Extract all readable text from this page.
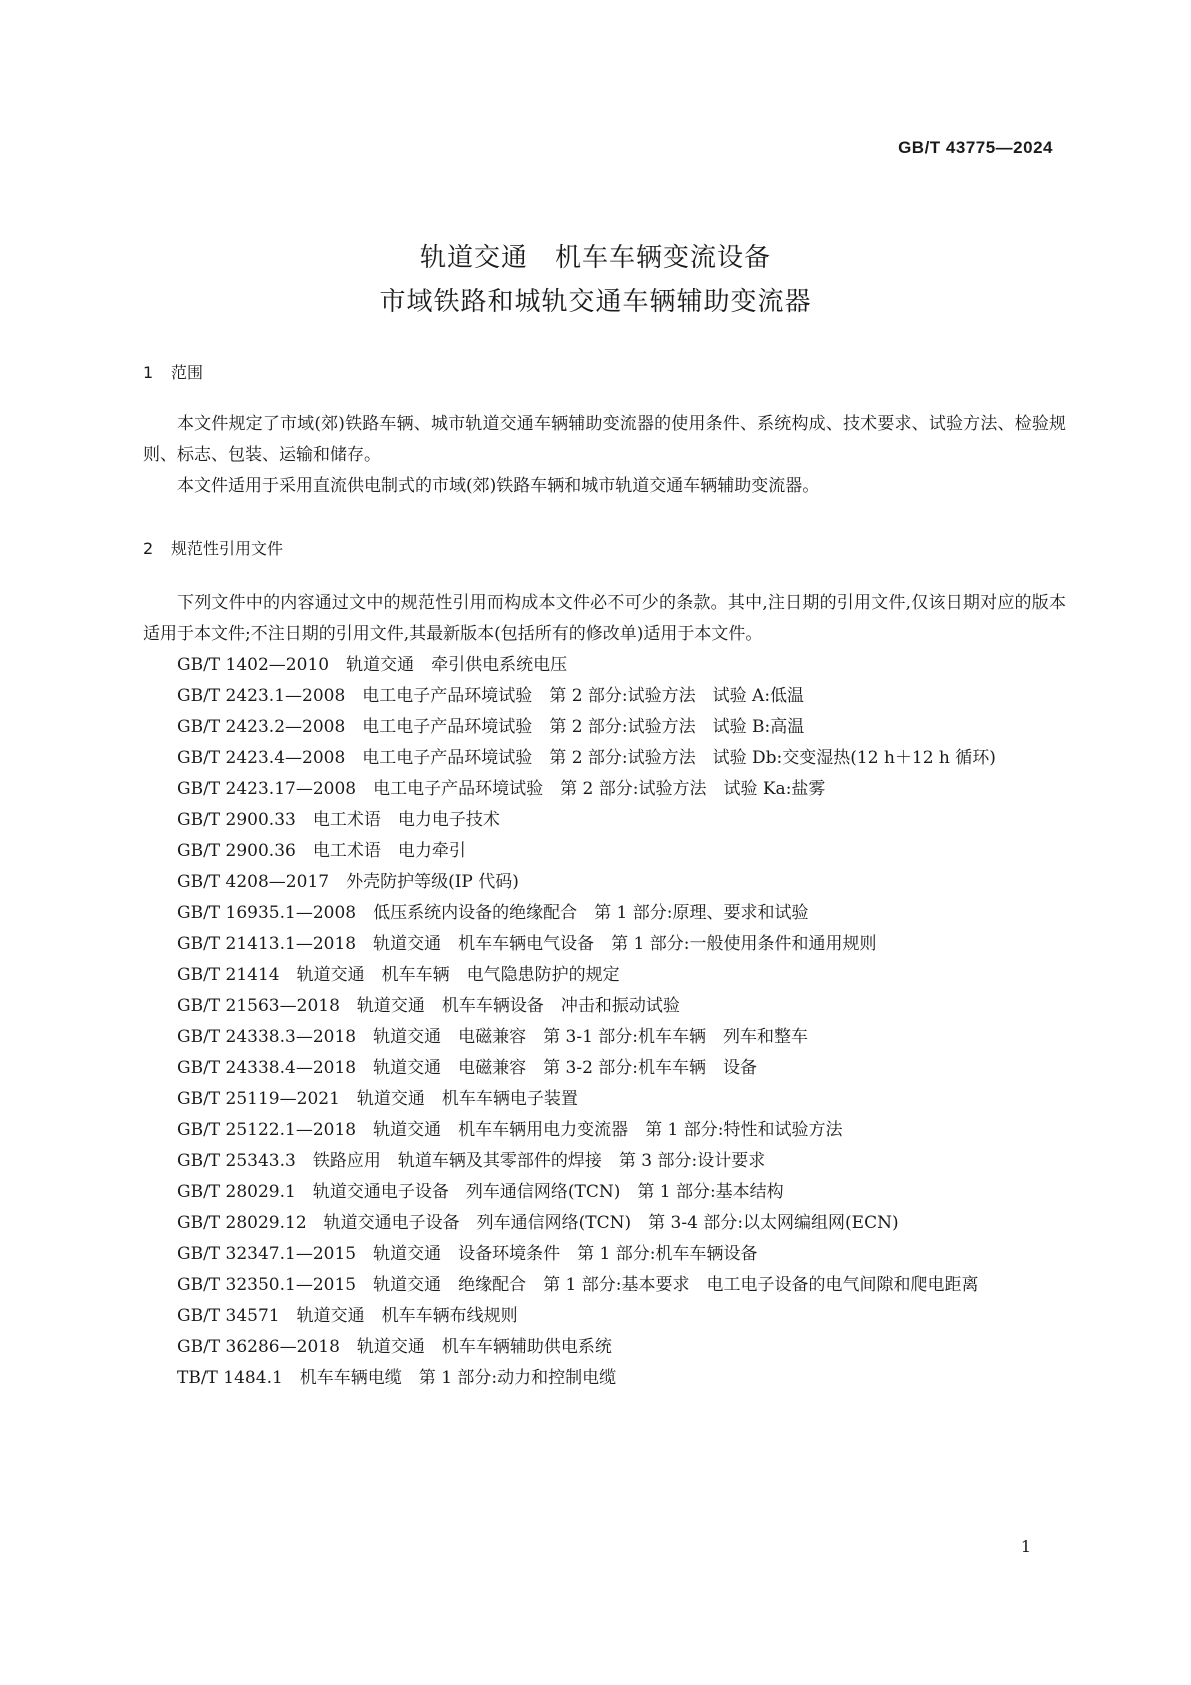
GB/T 43775—2024
轨道交通　机车车辆变流设备
市域铁路和城轨交通车辆辅助变流器
1 范围

本文件规定了市域(郊)铁路车辆、城市轨道交通车辆辅助变流器的使用条件、系统构成、技术要求、试验方法、检验规则、标志、包装、运输和储存。

本文件适用于采用直流供电制式的市域(郊)铁路车辆和城市轨道交通车辆辅助变流器。

2 规范性引用文件

下列文件中的内容通过文中的规范性引用而构成本文件必不可少的条款。其中,注日期的引用文件,仅该日期对应的版本适用于本文件;不注日期的引用文件,其最新版本(包括所有的修改单)适用于本文件。

GB/T 1402—2010　轨道交通　牵引供电系统电压

GB/T 2423.1—2008　电工电子产品环境试验　第 2 部分:试验方法　试验 A:低温

GB/T 2423.2—2008　电工电子产品环境试验　第 2 部分:试验方法　试验 B:高温

GB/T 2423.4—2008　电工电子产品环境试验　第 2 部分:试验方法　试验 Db:交变湿热(12 h＋12 h 循环)

GB/T 2423.17—2008　电工电子产品环境试验　第 2 部分:试验方法　试验 Ka:盐雾

GB/T 2900.33　电工术语　电力电子技术

GB/T 2900.36　电工术语　电力牵引

GB/T 4208—2017　外壳防护等级(IP 代码)

GB/T 16935.1—2008　低压系统内设备的绝缘配合　第 1 部分:原理、要求和试验

GB/T 21413.1—2018　轨道交通　机车车辆电气设备　第 1 部分:一般使用条件和通用规则

GB/T 21414　轨道交通　机车车辆　电气隐患防护的规定

GB/T 21563—2018　轨道交通　机车车辆设备　冲击和振动试验

GB/T 24338.3—2018　轨道交通　电磁兼容　第 3-1 部分:机车车辆　列车和整车

GB/T 24338.4—2018　轨道交通　电磁兼容　第 3-2 部分:机车车辆　设备

GB/T 25119—2021　轨道交通　机车车辆电子装置

GB/T 25122.1—2018　轨道交通　机车车辆用电力变流器　第 1 部分:特性和试验方法

GB/T 25343.3　铁路应用　轨道车辆及其零部件的焊接　第 3 部分:设计要求

GB/T 28029.1　轨道交通电子设备　列车通信网络(TCN)　第 1 部分:基本结构

GB/T 28029.12　轨道交通电子设备　列车通信网络(TCN)　第 3-4 部分:以太网编组网(ECN)

GB/T 32347.1—2015　轨道交通　设备环境条件　第 1 部分:机车车辆设备

GB/T 32350.1—2015　轨道交通　绝缘配合　第 1 部分:基本要求　电工电子设备的电气间隙和爬电距离

GB/T 34571　轨道交通　机车车辆布线规则

GB/T 36286—2018　轨道交通　机车车辆辅助供电系统

TB/T 1484.1　机车车辆电缆　第 1 部分:动力和控制电缆

1
